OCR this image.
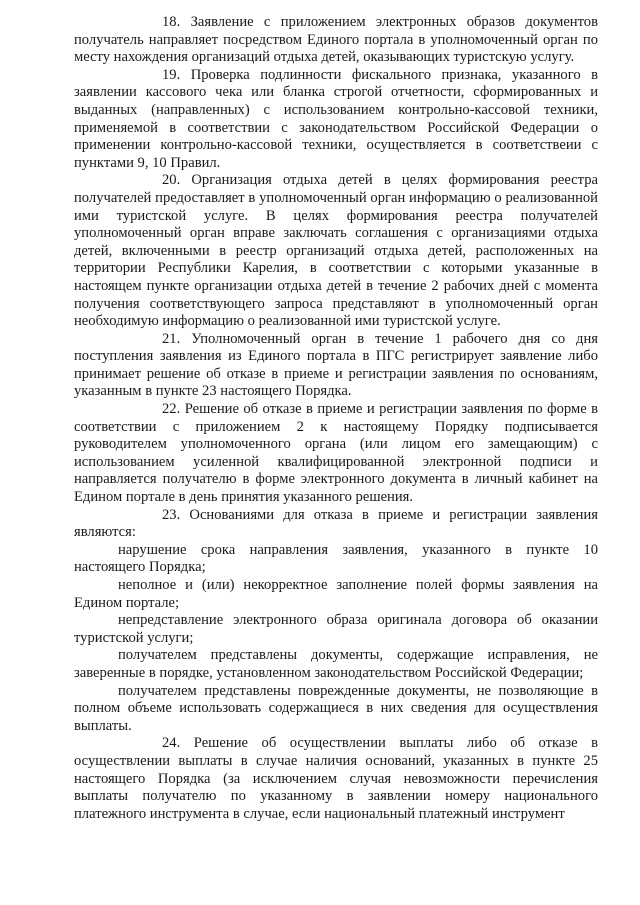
18. Заявление с приложением электронных образов документов получатель направляет посредством Единого портала в уполномоченный орган по месту нахождения организаций отдыха детей, оказывающих туристскую услугу.

19. Проверка подлинности фискального признака, указанного в заявлении кассового чека или бланка строгой отчетности, сформированных и выданных (направленных) с использованием контрольно-кассовой техники, применяемой в соответствии с законодательством Российской Федерации о применении контрольно-кассовой техники, осуществляется в соответствеии с пунктами 9, 10 Правил.

20. Организация отдыха детей в целях формирования реестра получателей предоставляет в уполномоченный орган информацию о реализованной ими туристской услуге. В целях формирования реестра получателей уполномоченный орган вправе заключать соглашения с организациями отдыха детей, включенными в реестр организаций отдыха детей, расположенных на территории Республики Карелия, в соответствии с которыми указанные в настоящем пункте организации отдыха детей в течение 2 рабочих дней с момента получения соответствующего запроса представляют в уполномоченный орган необходимую информацию о реализованной ими туристской услуге.

21. Уполномоченный орган в течение 1 рабочего дня со дня поступления заявления из Единого портала в ПГС регистрирует заявление либо принимает решение об отказе в приеме и регистрации заявления по основаниям, указанным в пункте 23 настоящего Порядка.

22. Решение об отказе в приеме и регистрации заявления по форме в соответствии с приложением 2 к настоящему Порядку подписывается руководителем уполномоченного органа (или лицом его замещающим) с использованием усиленной квалифицированной электронной подписи и направляется получателю в форме электронного документа в личный кабинет на Едином портале в день принятия указанного решения.

23. Основаниями для отказа в приеме и регистрации заявления являются:

нарушение срока направления заявления, указанного в пункте 10 настоящего Порядка;

неполное и (или) некорректное заполнение полей формы заявления на Едином портале;

непредставление электронного образа оригинала договора об оказании туристской услуги;

получателем представлены документы, содержащие исправления, не заверенные в порядке, установленном законодательством Российской Федерации;

получателем представлены поврежденные документы, не позволяющие в полном объеме использовать содержащиеся в них сведения для осуществления выплаты.

24. Решение об осуществлении выплаты либо об отказе в осуществлении выплаты в случае наличия оснований, указанных в пункте 25 настоящего Порядка (за исключением случая невозможности перечисления выплаты получателю по указанному в заявлении номеру национального платежного инструмента в случае, если национальный платежный инструмент
